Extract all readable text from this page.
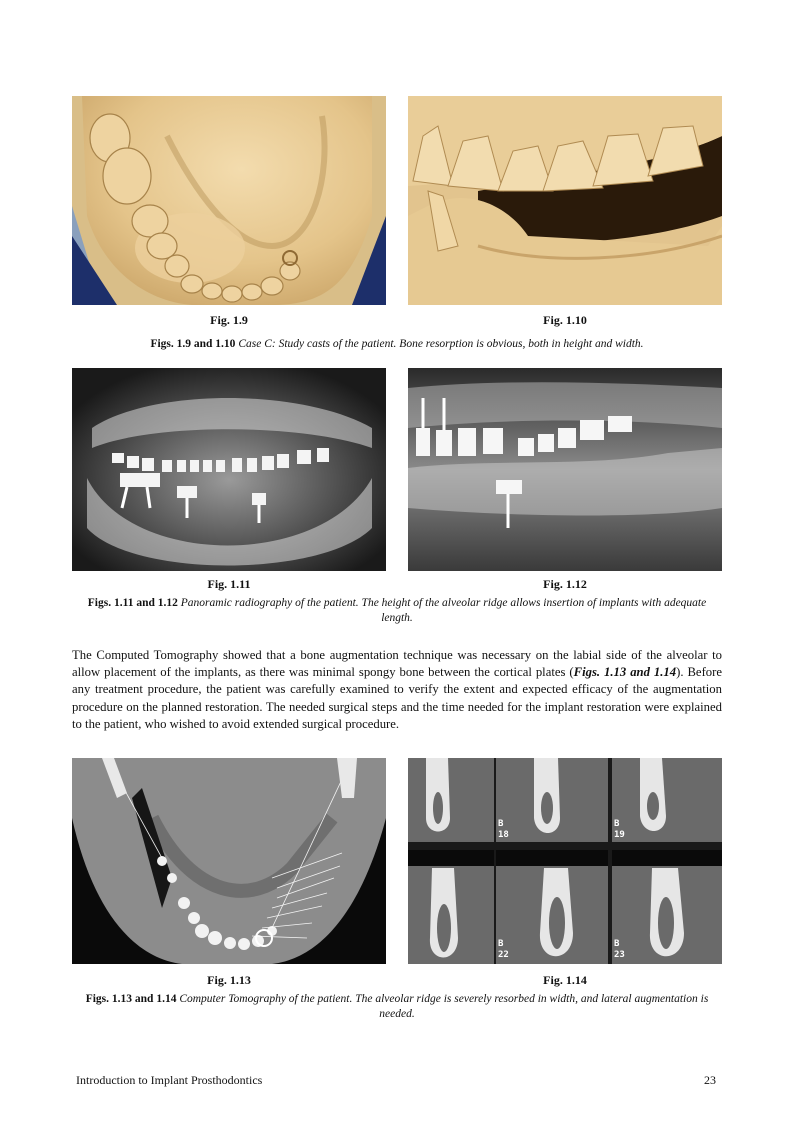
Fig. 1.9	Fig. 1.10
Figs. 1.9 and 1.10 Case C: Study casts of the patient. Bone resorption is obvious, both in height and width.
Fig. 1.11	Fig. 1.12
Figs. 1.11 and 1.12 Panoramic radiography of the patient. The height of the alveolar ridge allows insertion of implants with adequate length.

The Computed Tomography showed that a bone augmentation technique was necessary on the labial side of the alveolar to allow placement of the implants, as there was minimal spongy bone between the cortical plates (Figs. 1.13 and 1.14). Before any treatment procedure, the patient was carefully examined to verify the extent and expected efficacy of the augmentation procedure on the planned restoration. The needed surgical steps and the time needed for the implant restoration were explained to the patient, who wished to avoid extended surgical procedure.

B
18
B
19
B
22
B
23
Fig. 1.13	Fig. 1.14
Figs. 1.13 and 1.14 Computer Tomography of the patient. The alveolar ridge is severely resorbed in width, and lateral augmentation is needed.
Introduction to Implant Prosthodontics	23
